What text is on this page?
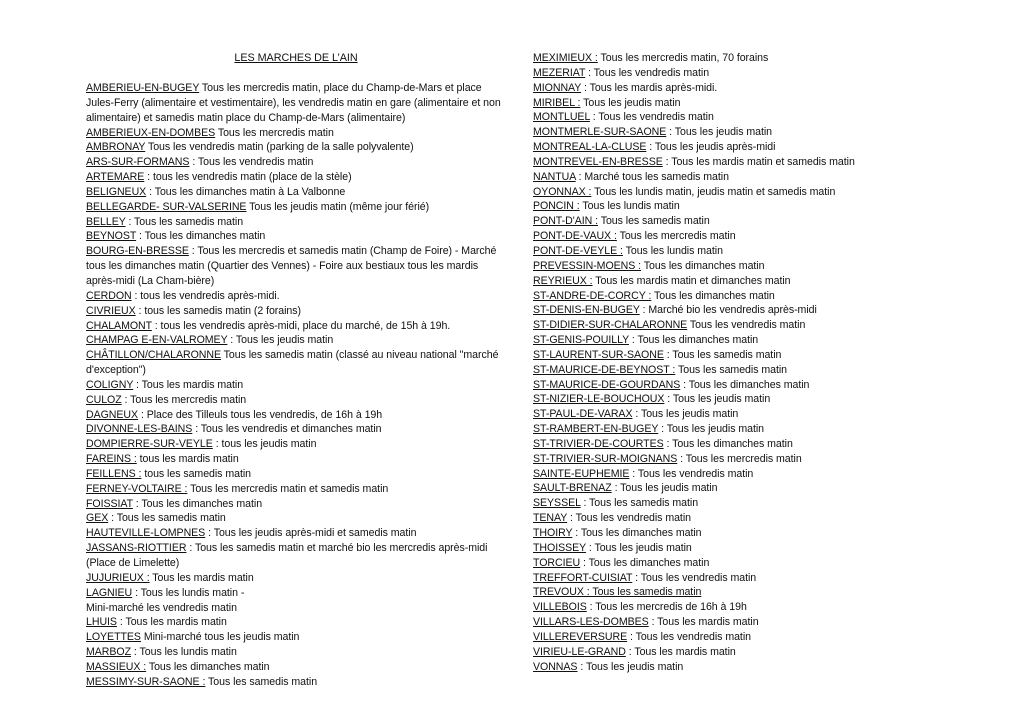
LES MARCHES DE L’AIN
AMBERIEU-EN-BUGEY Tous les mercredis matin, place du Champ-de-Mars et place Jules-Ferry (alimentaire et vestimentaire), les vendredis matin en gare (alimentaire et non alimentaire) et samedis matin place du Champ-de-Mars (alimentaire)
AMBERIEUX-EN-DOMBES Tous les mercredis matin
AMBRONAY Tous les vendredis matin (parking de la salle polyvalente)
ARS-SUR-FORMANS : Tous les vendredis matin
ARTEMARE : tous les vendredis matin (place de la stèle)
BELIGNEUX : Tous les dimanches matin à La Valbonne
BELLEGARDE- SUR-VALSERINE Tous les jeudis matin (même jour férié)
BELLEY : Tous les samedis matin
BEYNOST : Tous les dimanches matin
BOURG-EN-BRESSE : Tous les mercredis et samedis matin (Champ de Foire) - Marché tous les dimanches matin (Quartier des Vennes) - Foire aux bestiaux tous les mardis après-midi (La Cham-bière)
CERDON : tous les vendredis après-midi.
CIVRIEUX : tous les samedis matin (2 forains)
CHALAMONT : tous les vendredis après-midi, place du marché, de 15h à 19h.
CHAMPAG E-EN-VALROMEY : Tous les jeudis matin
CHÂTILLON/CHALARONNE Tous les samedis matin (classé au niveau national "marché d'exception")
COLIGNY : Tous les mardis matin
CULOZ : Tous les mercredis matin
DAGNEUX : Place des Tilleuls tous les vendredis, de 16h à 19h
DIVONNE-LES-BAINS : Tous les vendredis et dimanches matin
DOMPIERRE-SUR-VEYLE : tous les jeudis matin
FAREINS : tous les mardis matin
FEILLENS : tous les samedis matin
FERNEY-VOLTAIRE : Tous les mercredis matin et samedis matin
FOISSIAT : Tous les dimanches matin
GEX : Tous les samedis matin
HAUTEVILLE-LOMPNES : Tous les jeudis après-midi et samedis matin
JASSANS-RIOTTIER : Tous les samedis matin et marché bio les mercredis après-midi (Place de Limelette)
JUJURIEUX : Tous les mardis matin
LAGNIEU : Tous les lundis matin -
Mini-marché les vendredis matin
LHUIS : Tous les mardis matin
LOYETTES Mini-marché tous les jeudis matin
MARBOZ : Tous les lundis matin
MASSIEUX : Tous les dimanches matin
MESSIMY-SUR-SAONE : Tous les samedis matin
MEXIMIEUX : Tous les mercredis matin, 70 forains
MEZERIAT : Tous les vendredis matin
MIONNAY : Tous les mardis après-midi.
MIRIBEL : Tous les jeudis matin
MONTLUEL : Tous les vendredis matin
MONTMERLE-SUR-SAONE : Tous les jeudis matin
MONTREAL-LA-CLUSE : Tous les jeudis après-midi
MONTREVEL-EN-BRESSE : Tous les mardis matin et samedis matin
NANTUA : Marché tous les samedis matin
OYONNAX : Tous les lundis matin, jeudis matin et samedis matin
PONCIN : Tous les lundis matin
PONT-D'AIN : Tous les samedis matin
PONT-DE-VAUX : Tous les mercredis matin
PONT-DE-VEYLE : Tous les lundis matin
PREVESSIN-MOENS : Tous les dimanches matin
REYRIEUX : Tous les mardis matin et dimanches matin
ST-ANDRE-DE-CORCY : Tous les dimanches matin
ST-DENIS-EN-BUGEY : Marché bio les vendredis après-midi
ST-DIDIER-SUR-CHALARONNE Tous les vendredis matin
ST-GENIS-POUILLY : Tous les dimanches matin
ST-LAURENT-SUR-SAONE : Tous les samedis matin
ST-MAURICE-DE-BEYNOST : Tous les samedis matin
ST-MAURICE-DE-GOURDANS : Tous les dimanches matin
ST-NIZIER-LE-BOUCHOUX : Tous les jeudis matin
ST-PAUL-DE-VARAX : Tous les jeudis matin
ST-RAMBERT-EN-BUGEY : Tous les jeudis matin
ST-TRIVIER-DE-COURTES : Tous les dimanches matin
ST-TRIVIER-SUR-MOIGNANS : Tous les mercredis matin
SAINTE-EUPHEMIE : Tous les vendredis matin
SAULT-BRENAZ : Tous les jeudis matin
SEYSSEL : Tous les samedis matin
TENAY : Tous les vendredis matin
THOIRY : Tous les dimanches matin
THOISSEY : Tous les jeudis matin
TORCIEU : Tous les dimanches matin
TREFFORT-CUISIAT : Tous les vendredis matin
TREVOUX : Tous les samedis matin
VILLEBOIS : Tous les mercredis de 16h à 19h
VILLARS-LES-DOMBES : Tous les mardis matin
VILLEREVERSURE : Tous les vendredis matin
VIRIEU-LE-GRAND : Tous les mardis matin
VONNAS : Tous les jeudis matin
